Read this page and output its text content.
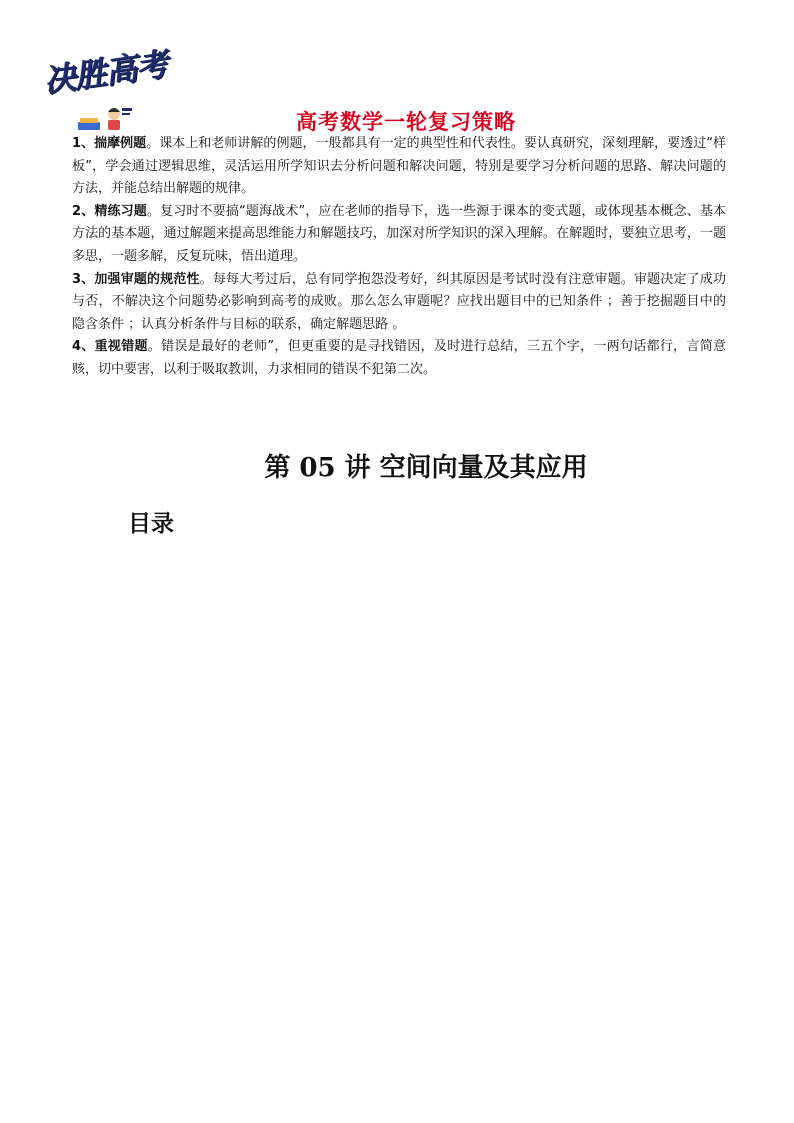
决胜高考
高考数学一轮复习策略

1、揣摩例题。课本上和老师讲解的例题，一般都具有一定的典型性和代表性。要认真研究，深刻理解，要透过“样板”，学会通过逻辑思维，灵活运用所学知识去分析问题和解决问题，特别是要学习分析问题的思路、解决问题的方法，并能总结出解题的规律。

2、精练习题。复习时不要搞“题海战术”，应在老师的指导下，选一些源于课本的变式题，或体现基本概念、基本方法的基本题，通过解题来提高思维能力和解题技巧，加深对所学知识的深入理解。在解题时，要独立思考，一题多思，一题多解，反复玩味，悟出道理。

3、加强审题的规范性。每每大考过后，总有同学抱怨没考好，纠其原因是考试时没有注意审题。审题决定了成功与否，不解决这个问题势必影响到高考的成败。那么怎么审题呢？应找出题目中的已知条件 ；善于挖掘题目中的隐含条件 ；认真分析条件与目标的联系，确定解题思路 。

4、重视错题。错误是最好的老师”，但更重要的是寻找错因，及时进行总结，三五个字，一两句话都行，言简意赅，切中要害，以利于吸取教训，力求相同的错误不犯第二次。

第 05 讲 空间向量及其应用
目录
